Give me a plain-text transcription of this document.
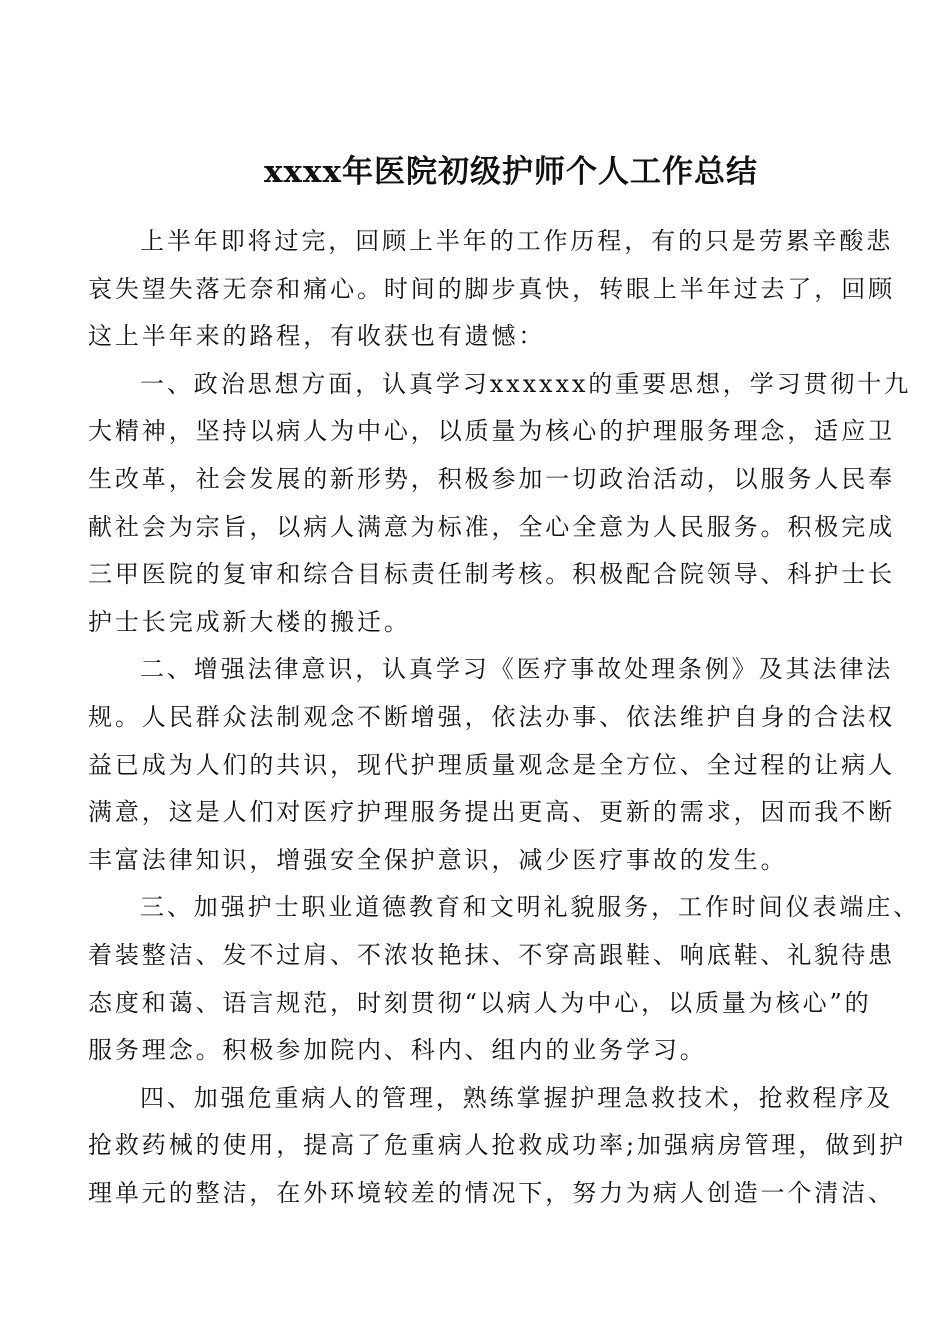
xxxx年医院初级护师个人工作总结
上半年即将过完，回顾上半年的工作历程，有的只是劳累辛酸悲
哀失望失落无奈和痛心。时间的脚步真快，转眼上半年过去了，回顾
这上半年来的路程，有收获也有遗憾：
一、政治思想方面，认真学习xxxxxx的重要思想，学习贯彻十九
大精神，坚持以病人为中心，以质量为核心的护理服务理念，适应卫
生改革，社会发展的新形势，积极参加一切政治活动，以服务人民奉
献社会为宗旨，以病人满意为标准，全心全意为人民服务。积极完成
三甲医院的复审和综合目标责任制考核。积极配合院领导、科护士长
护士长完成新大楼的搬迁。
二、增强法律意识，认真学习《医疗事故处理条例》及其法律法
规。人民群众法制观念不断增强，依法办事、依法维护自身的合法权
益已成为人们的共识，现代护理质量观念是全方位、全过程的让病人
满意，这是人们对医疗护理服务提出更高、更新的需求，因而我不断
丰富法律知识，增强安全保护意识，减少医疗事故的发生。
三、加强护士职业道德教育和文明礼貌服务，工作时间仪表端庄、
着装整洁、发不过肩、不浓妆艳抹、不穿高跟鞋、响底鞋、礼貌待患
态度和蔼、语言规范，时刻贯彻“以病人为中心，以质量为核心”的
服务理念。积极参加院内、科内、组内的业务学习。
四、加强危重病人的管理，熟练掌握护理急救技术，抢救程序及
抢救药械的使用，提高了危重病人抢救成功率;加强病房管理，做到护
理单元的整洁，在外环境较差的情况下，努力为病人创造一个清洁、
